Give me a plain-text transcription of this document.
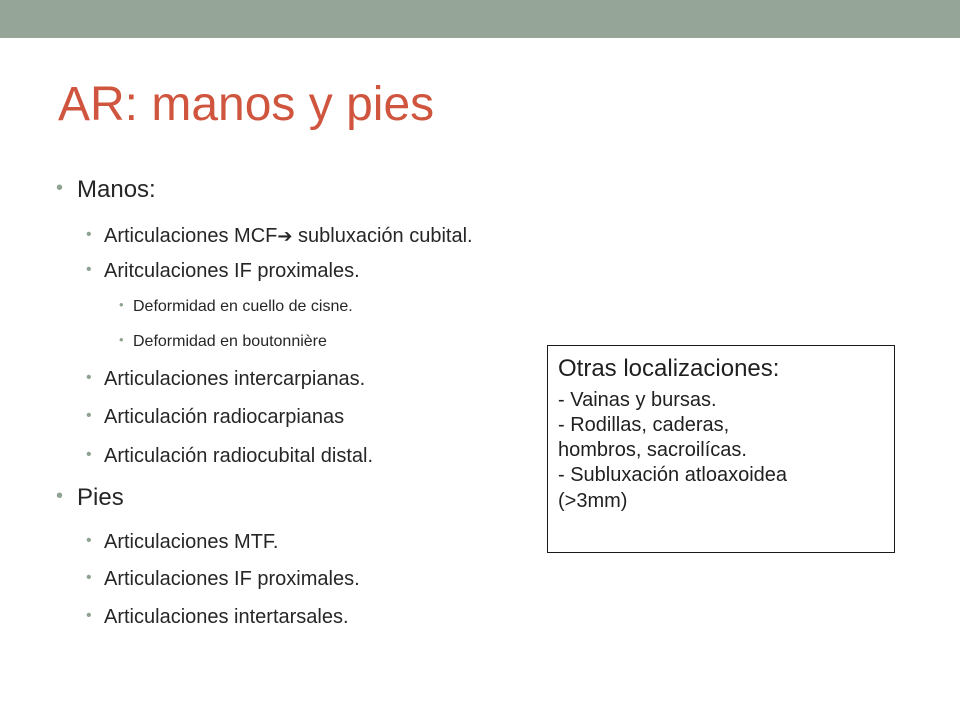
AR: manos y pies
• Manos:
• Articulaciones MCF➔ subluxación cubital.
• Aritculaciones IF proximales.
• Deformidad en cuello de cisne.
• Deformidad en boutonnière
• Articulaciones intercarpianas.
• Articulación radiocarpianas
• Articulación radiocubital distal.
• Pies
• Articulaciones MTF.
• Articulaciones IF proximales.
• Articulaciones intertarsales.
Otras localizaciones:
- Vainas y bursas.
- Rodillas, caderas,
hombros, sacroilícas.
- Subluxación atloaxoidea
(>3mm)
